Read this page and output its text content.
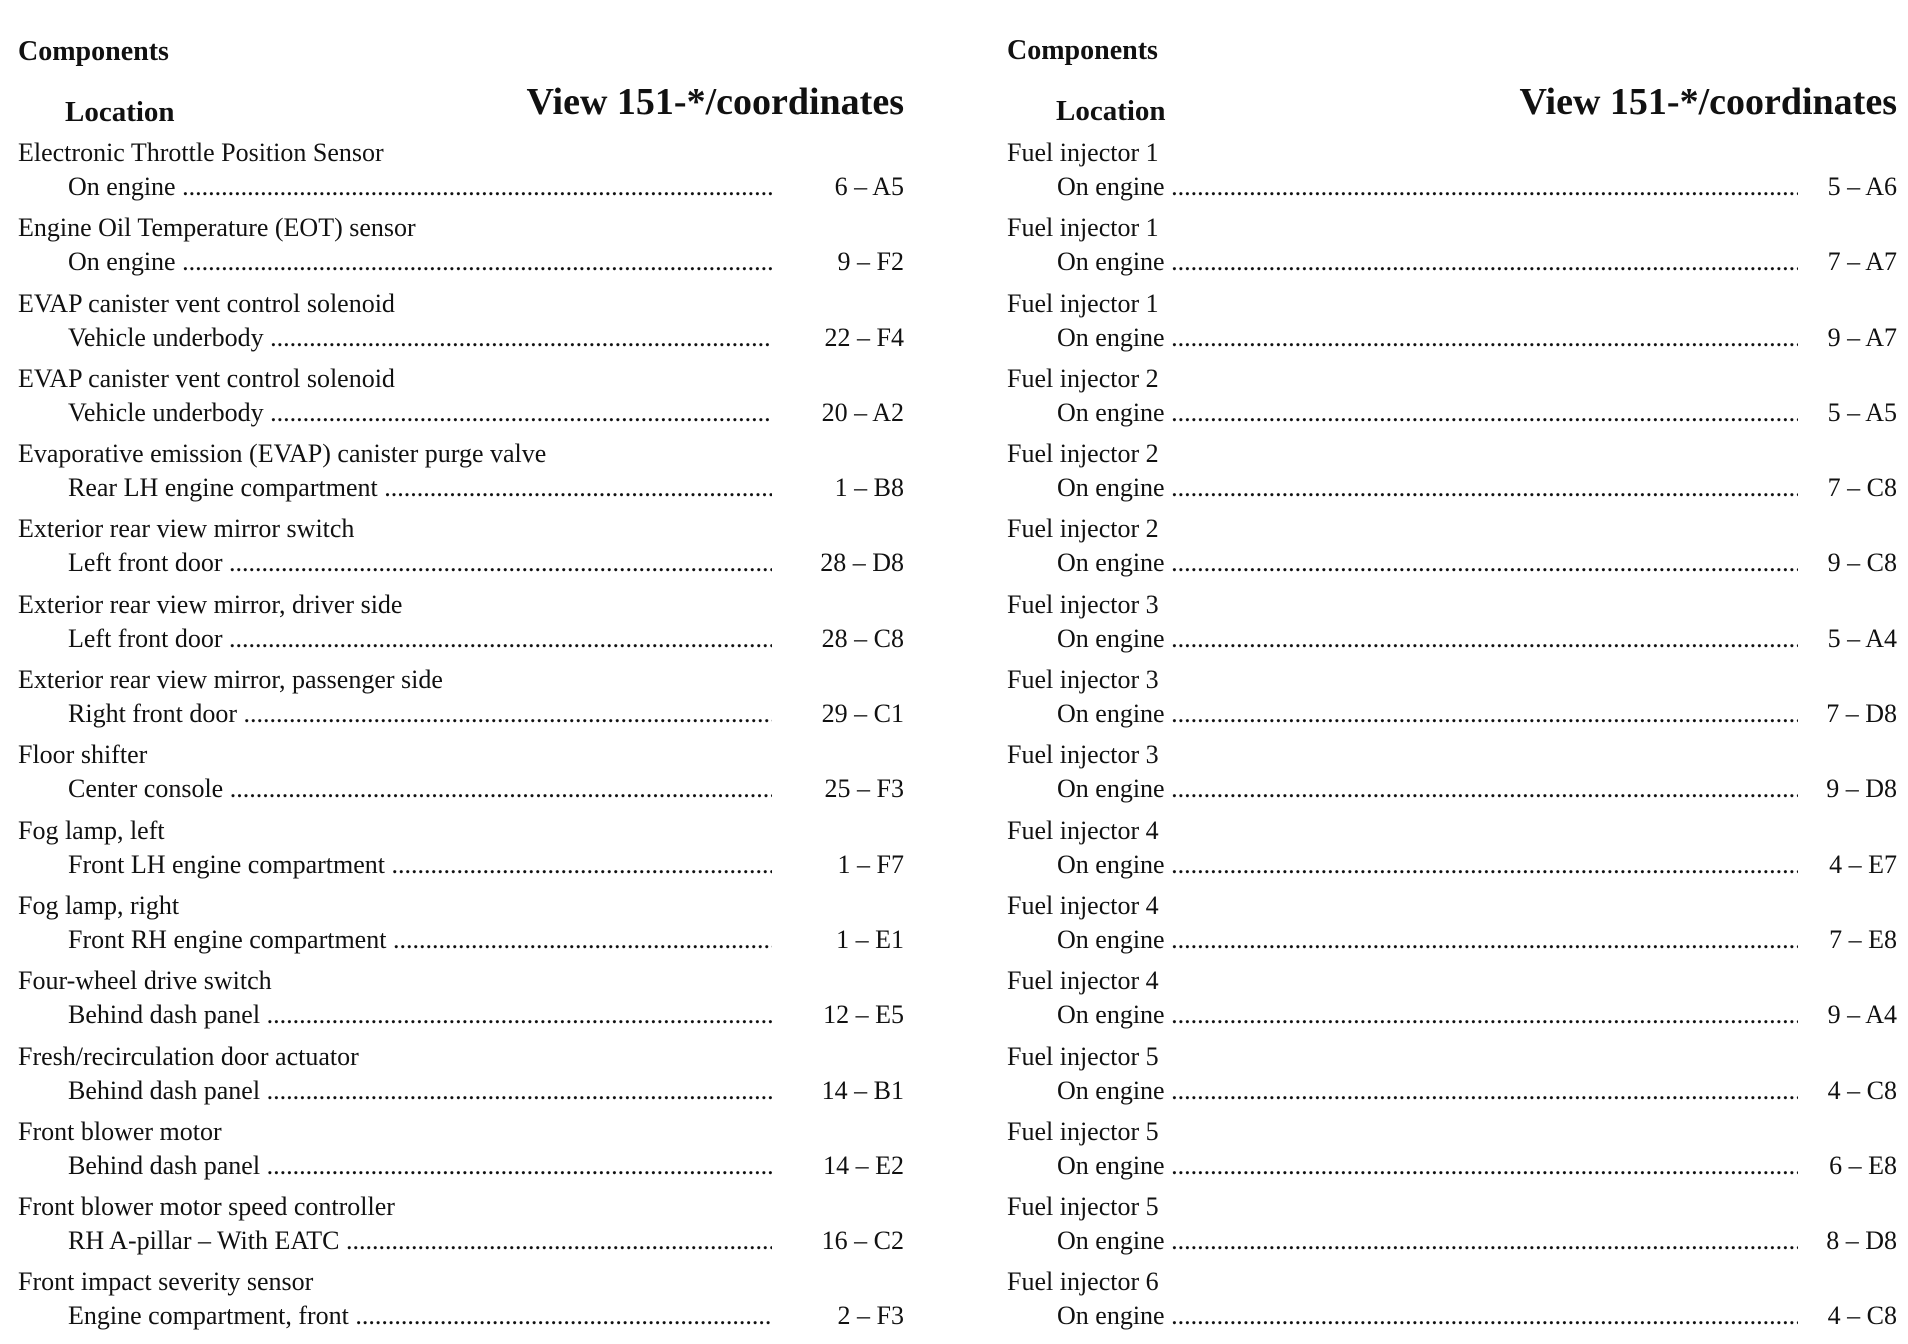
Components
Location	View 151-*/coordinates
Electronic Throttle Position Sensor
On engine .....	6 – A5
Engine Oil Temperature (EOT) sensor
On engine .....	9 – F2
EVAP canister vent control solenoid
Vehicle underbody .....	22 – F4
EVAP canister vent control solenoid
Vehicle underbody .....	20 – A2
Evaporative emission (EVAP) canister purge valve
Rear LH engine compartment .....	1 – B8
Exterior rear view mirror switch
Left front door .....	28 – D8
Exterior rear view mirror, driver side
Left front door .....	28 – C8
Exterior rear view mirror, passenger side
Right front door .....	29 – C1
Floor shifter
Center console .....	25 – F3
Fog lamp, left
Front LH engine compartment .....	1 – F7
Fog lamp, right
Front RH engine compartment .....	1 – E1
Four-wheel drive switch
Behind dash panel .....	12 – E5
Fresh/recirculation door actuator
Behind dash panel .....	14 – B1
Front blower motor
Behind dash panel .....	14 – E2
Front blower motor speed controller
RH A-pillar – With EATC .....	16 – C2
Front impact severity sensor
Engine compartment, front .....	2 – F3
Components
Location	View 151-*/coordinates
Fuel injector 1
On engine .....	5 – A6
Fuel injector 1
On engine .....	7 – A7
Fuel injector 1
On engine .....	9 – A7
Fuel injector 2
On engine .....	5 – A5
Fuel injector 2
On engine .....	7 – C8
Fuel injector 2
On engine .....	9 – C8
Fuel injector 3
On engine .....	5 – A4
Fuel injector 3
On engine .....	7 – D8
Fuel injector 3
On engine .....	9 – D8
Fuel injector 4
On engine .....	4 – E7
Fuel injector 4
On engine .....	7 – E8
Fuel injector 4
On engine .....	9 – A4
Fuel injector 5
On engine .....	4 – C8
Fuel injector 5
On engine .....	6 – E8
Fuel injector 5
On engine .....	8 – D8
Fuel injector 6
On engine .....	4 – C8
